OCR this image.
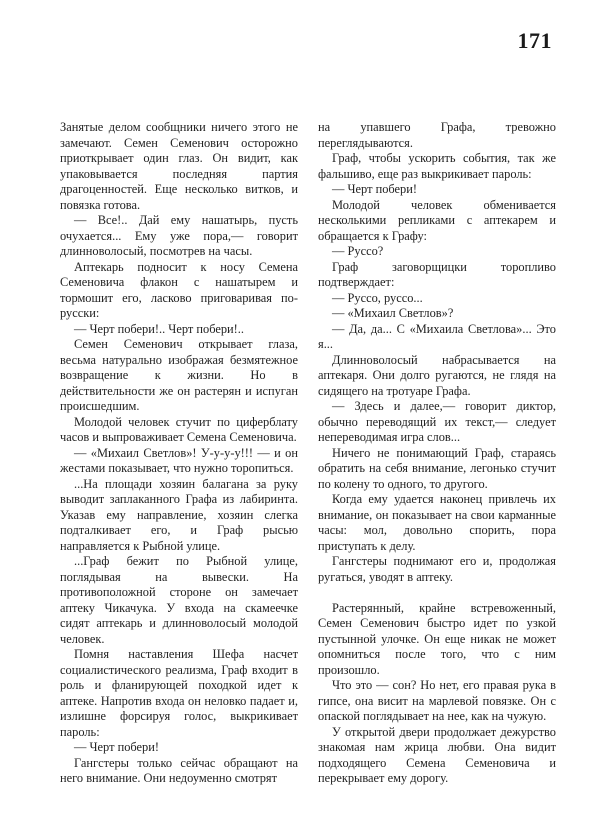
171

Занятые делом сообщники ничего этого не замечают. Семен Семенович осторожно приоткрывает один глаз. Он видит, как упаковывается последняя партия драгоценностей. Еще несколько витков, и повязка готова.

— Все!.. Дай ему нашатырь, пусть очухается... Ему уже пора,— говорит длинноволосый, посмотрев на часы.

Аптекарь подносит к носу Семена Семеновича флакон с нашатырем и тормошит его, ласково приговаривая по-русски:

— Черт побери!.. Черт побери!..

Семен Семенович открывает глаза, весьма натурально изображая безмятежное возвращение к жизни. Но в действительности же он растерян и испуган происшедшим.

Молодой человек стучит по циферблату часов и выпроваживает Семена Семеновича.

— «Михаил Светлов»! У-у-у-у!!! — и он жестами показывает, что нужно торопиться.

...На площади хозяин балагана за руку выводит заплаканного Графа из лабиринта. Указав ему направление, хозяин слегка подталкивает его, и Граф рысью направляется к Рыбной улице.

...Граф бежит по Рыбной улице, поглядывая на вывески. На противоположной стороне он замечает аптеку Чикачука. У входа на скамеечке сидят аптекарь и длинноволосый молодой человек.

Помня наставления Шефа насчет социалистического реализма, Граф входит в роль и фланирующей походкой идет к аптеке. Напротив входа он неловко падает и, излишне форсируя голос, выкрикивает пароль:

— Черт побери!

Гангстеры только сейчас обращают на него внимание. Они недоуменно смотрят

на упавшего Графа, тревожно переглядываются.

Граф, чтобы ускорить события, так же фальшиво, еще раз выкрикивает пароль:

— Черт побери!

Молодой человек обменивается несколькими репликами с аптекарем и обращается к Графу:

— Руссо?

Граф заговорщицки торопливо подтверждает:

— Руссо, руссо...

— «Михаил Светлов»?

— Да, да... С «Михаила Светлова»... Это я...

Длинноволосый набрасывается на аптекаря. Они долго ругаются, не глядя на сидящего на тротуаре Графа.

— Здесь и далее,— говорит диктор, обычно переводящий их текст,— следует непереводимая игра слов...

Ничего не понимающий Граф, стараясь обратить на себя внимание, легонько стучит по колену то одного, то другого.

Когда ему удается наконец привлечь их внимание, он показывает на свои карманные часы: мол, довольно спорить, пора приступать к делу.

Гангстеры поднимают его и, продолжая ругаться, уводят в аптеку.

Растерянный, крайне встревоженный, Семен Семенович быстро идет по узкой пустынной улочке. Он еще никак не может опомниться после того, что с ним произошло.

Что это — сон? Но нет, его правая рука в гипсе, она висит на марлевой повязке. Он с опаской поглядывает на нее, как на чужую.

У открытой двери продолжает дежурство знакомая нам жрица любви. Она видит подходящего Семена Семеновича и перекрывает ему дорогу.
